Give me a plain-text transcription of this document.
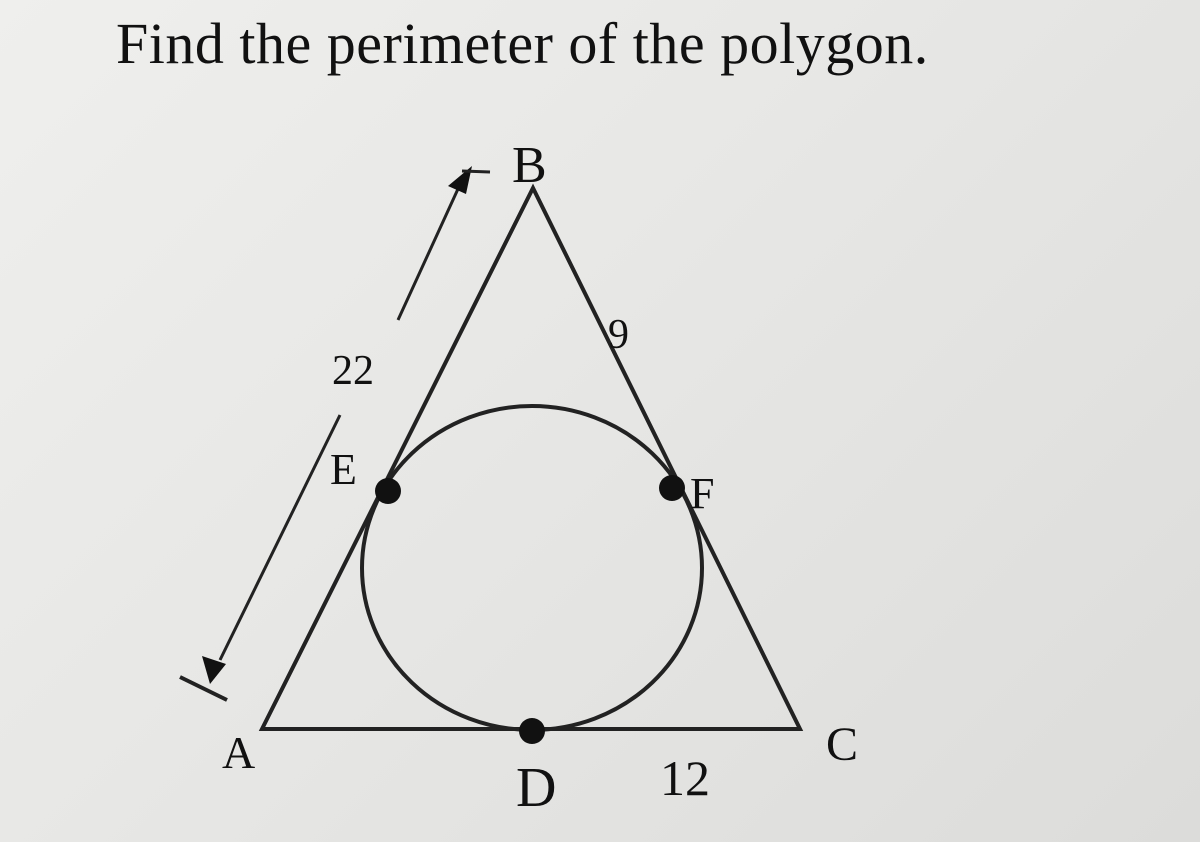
Find the perimeter of the polygon.
B
A	C
E	F
D
22
9
12
